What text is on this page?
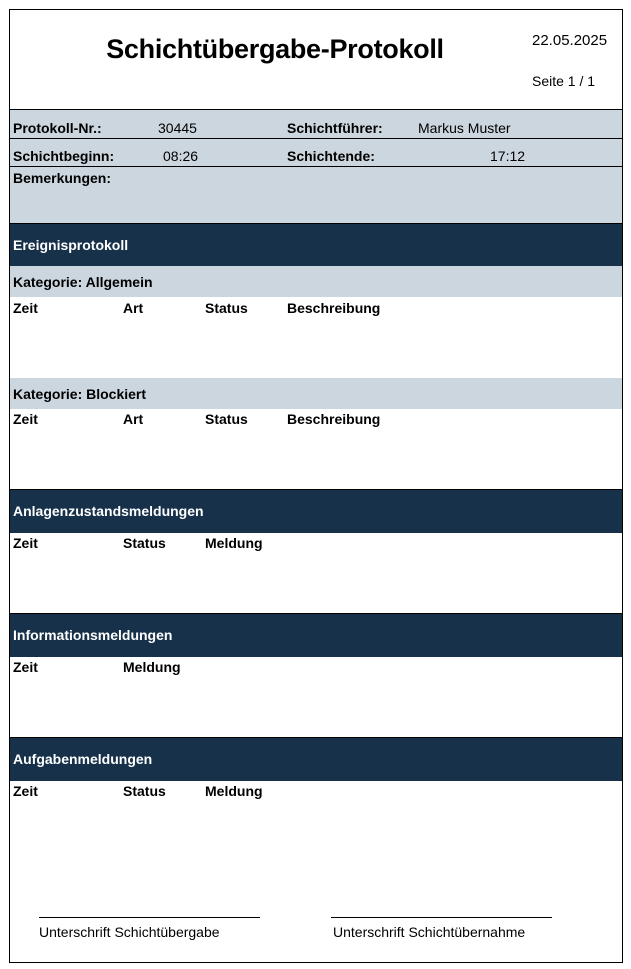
Schichtübergabe-Protokoll	22.05.2025
Seite 1 / 1
Protokoll-Nr.:	30445	Schichtführer:	Markus Muster
Schichtbeginn:	08:26	Schichtende:	17:12
Bemerkungen:
Ereignisprotokoll
Kategorie: Allgemein
Zeit	Art	Status	Beschreibung
Kategorie: Blockiert
Zeit	Art	Status	Beschreibung
Anlagenzustandsmeldungen
Zeit	Status	Meldung
Informationsmeldungen
Zeit	Meldung
Aufgabenmeldungen
Zeit	Status	Meldung
Unterschrift Schichtübergabe	Unterschrift Schichtübernahme
